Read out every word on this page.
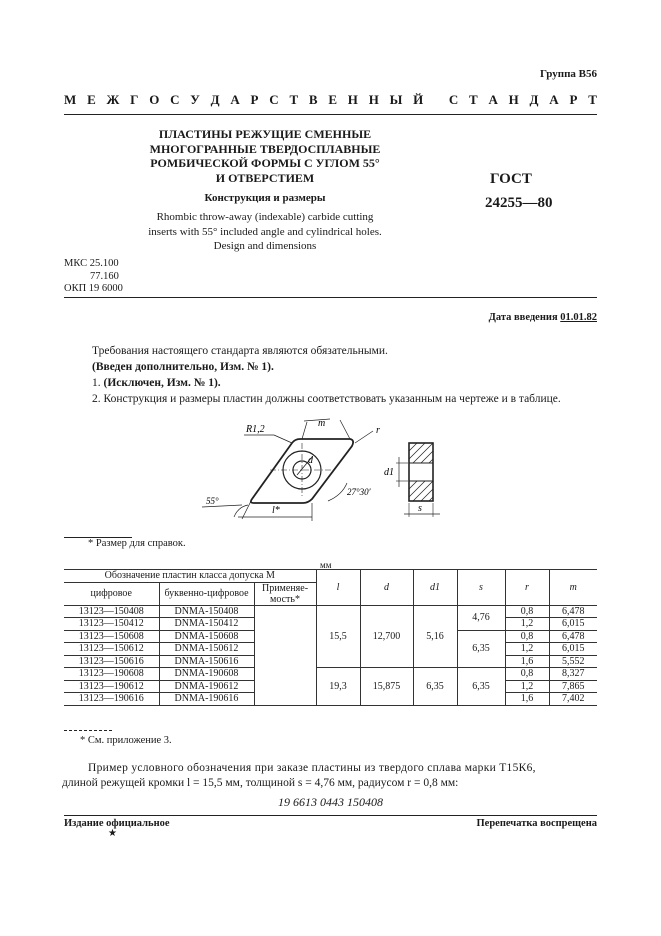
Группа В56
М Е Ж Г О С У Д А Р С Т В Е Н Н Ы Й С Т А Н Д А Р Т
ПЛАСТИНЫ РЕЖУЩИЕ СМЕННЫЕ
МНОГОГРАННЫЕ ТВЕРДОСПЛАВНЫЕ
РОМБИЧЕСКОЙ ФОРМЫ С УГЛОМ 55°
И ОТВЕРСТИЕМ
Конструкция и размеры
Rhombic throw-away (indexable) carbide cutting
inserts with 55° included angle and cylindrical holes.
Design and dimensions
ГОСТ
24255—80
МКС 25.100
77.160
ОКП 19 6000
Дата введения 01.01.82
Требования настоящего стандарта являются обязательными.
(Введен дополнительно, Изм. № 1).
1. (Исключен, Изм. № 1).
2. Конструкция и размеры пластин должны соответствовать указанным на чертеже и в таблице.
d
R1,2
m
r
27°30′
55°
l*
d1
s
* Размер для справок.
мм
Обозначение пластин класса допуска М			l	d	d1	s	r	m
цифровое	буквенно-цифровое	Применяе-мость*						
13123—150408	DNMA-150408		15,5	12,700	5,16	4,76	0,8	6,478
13123—150412	DNMA-150412						1,2	6,015
13123—150608	DNMA-150608					6,35	0,8	6,478
13123—150612	DNMA-150612						1,2	6,015
13123—150616	DNMA-150616						1,6	5,552
13123—190608	DNMA-190608		19,3	15,875	6,35	6,35	0,8	8,327
13123—190612	DNMA-190612						1,2	7,865
13123—190616	DNMA-190616						1,6	7,402
* См. приложение 3.
Пример условного обозначения при заказе пластины из твердого сплава марки Т15К6,
длиной режущей кромки l = 15,5 мм, толщиной s = 4,76 мм, радиусом r = 0,8 мм:
19 6613 0443 150408
Издание официальное	Перепечатка воспрещена
★
